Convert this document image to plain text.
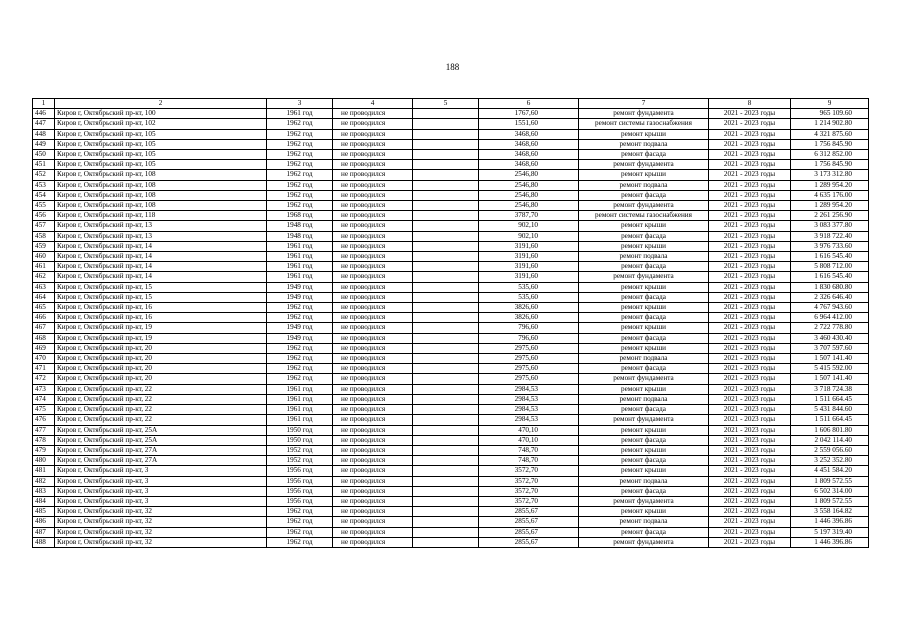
188
1	2	3	4	5	6	7	8	9
446	Киров г, Октябрьский пр-кт, 100	1961 год	не проводился		1767,60	ремонт фундамента	2021 - 2023 годы	965 109.60
447	Киров г, Октябрьский пр-кт, 102	1962 год	не проводился		1551,60	ремонт системы газоснабжения	2021 - 2023 годы	1 214 902.80
448	Киров г, Октябрьский пр-кт, 105	1962 год	не проводился		3468,60	ремонт крыши	2021 - 2023 годы	4 321 875.60
449	Киров г, Октябрьский пр-кт, 105	1962 год	не проводился		3468,60	ремонт подвала	2021 - 2023 годы	1 756 845.90
450	Киров г, Октябрьский пр-кт, 105	1962 год	не проводился		3468,60	ремонт фасада	2021 - 2023 годы	6 312 852.00
451	Киров г, Октябрьский пр-кт, 105	1962 год	не проводился		3468,60	ремонт фундамента	2021 - 2023 годы	1 756 845.90
452	Киров г, Октябрьский пр-кт, 108	1962 год	не проводился		2546,80	ремонт крыши	2021 - 2023 годы	3 173 312.80
453	Киров г, Октябрьский пр-кт, 108	1962 год	не проводился		2546,80	ремонт подвала	2021 - 2023 годы	1 289 954.20
454	Киров г, Октябрьский пр-кт, 108	1962 год	не проводился		2546,80	ремонт фасада	2021 - 2023 годы	4 635 176.00
455	Киров г, Октябрьский пр-кт, 108	1962 год	не проводился		2546,80	ремонт фундамента	2021 - 2023 годы	1 289 954.20
456	Киров г, Октябрьский пр-кт, 118	1968 год	не проводился		3787,70	ремонт системы газоснабжения	2021 - 2023 годы	2 261 256.90
457	Киров г, Октябрьский пр-кт, 13	1948 год	не проводился		902,10	ремонт крыши	2021 - 2023 годы	3 083 377.80
458	Киров г, Октябрьский пр-кт, 13	1948 год	не проводился		902,10	ремонт фасада	2021 - 2023 годы	3 918 722.40
459	Киров г, Октябрьский пр-кт, 14	1961 год	не проводился		3191,60	ремонт крыши	2021 - 2023 годы	3 976 733.60
460	Киров г, Октябрьский пр-кт, 14	1961 год	не проводился		3191,60	ремонт подвала	2021 - 2023 годы	1 616 545.40
461	Киров г, Октябрьский пр-кт, 14	1961 год	не проводился		3191,60	ремонт фасада	2021 - 2023 годы	5 808 712.00
462	Киров г, Октябрьский пр-кт, 14	1961 год	не проводился		3191,60	ремонт фундамента	2021 - 2023 годы	1 616 545.40
463	Киров г, Октябрьский пр-кт, 15	1949 год	не проводился		535,60	ремонт крыши	2021 - 2023 годы	1 830 680.80
464	Киров г, Октябрьский пр-кт, 15	1949 год	не проводился		535,60	ремонт фасада	2021 - 2023 годы	2 326 646.40
465	Киров г, Октябрьский пр-кт, 16	1962 год	не проводился		3826,60	ремонт крыши	2021 - 2023 годы	4 767 943.60
466	Киров г, Октябрьский пр-кт, 16	1962 год	не проводился		3826,60	ремонт фасада	2021 - 2023 годы	6 964 412.00
467	Киров г, Октябрьский пр-кт, 19	1949 год	не проводился		796,60	ремонт крыши	2021 - 2023 годы	2 722 778.80
468	Киров г, Октябрьский пр-кт, 19	1949 год	не проводился		796,60	ремонт фасада	2021 - 2023 годы	3 460 430.40
469	Киров г, Октябрьский пр-кт, 20	1962 год	не проводился		2975,60	ремонт крыши	2021 - 2023 годы	3 707 597.60
470	Киров г, Октябрьский пр-кт, 20	1962 год	не проводился		2975,60	ремонт подвала	2021 - 2023 годы	1 507 141.40
471	Киров г, Октябрьский пр-кт, 20	1962 год	не проводился		2975,60	ремонт фасада	2021 - 2023 годы	5 415 592.00
472	Киров г, Октябрьский пр-кт, 20	1962 год	не проводился		2975,60	ремонт фундамента	2021 - 2023 годы	1 507 141.40
473	Киров г, Октябрьский пр-кт, 22	1961 год	не проводился		2984,53	ремонт крыши	2021 - 2023 годы	3 718 724.38
474	Киров г, Октябрьский пр-кт, 22	1961 год	не проводился		2984,53	ремонт подвала	2021 - 2023 годы	1 511 664.45
475	Киров г, Октябрьский пр-кт, 22	1961 год	не проводился		2984,53	ремонт фасада	2021 - 2023 годы	5 431 844.60
476	Киров г, Октябрьский пр-кт, 22	1961 год	не проводился		2984,53	ремонт фундамента	2021 - 2023 годы	1 511 664.45
477	Киров г, Октябрьский пр-кт, 25А	1950 год	не проводился		470,10	ремонт крыши	2021 - 2023 годы	1 606 801.80
478	Киров г, Октябрьский пр-кт, 25А	1950 год	не проводился		470,10	ремонт фасада	2021 - 2023 годы	2 042 114.40
479	Киров г, Октябрьский пр-кт, 27А	1952 год	не проводился		748,70	ремонт крыши	2021 - 2023 годы	2 559 056.60
480	Киров г, Октябрьский пр-кт, 27А	1952 год	не проводился		748,70	ремонт фасада	2021 - 2023 годы	3 252 352.80
481	Киров г, Октябрьский пр-кт, 3	1956 год	не проводился		3572,70	ремонт крыши	2021 - 2023 годы	4 451 584.20
482	Киров г, Октябрьский пр-кт, 3	1956 год	не проводился		3572,70	ремонт подвала	2021 - 2023 годы	1 809 572.55
483	Киров г, Октябрьский пр-кт, 3	1956 год	не проводился		3572,70	ремонт фасада	2021 - 2023 годы	6 502 314.00
484	Киров г, Октябрьский пр-кт, 3	1956 год	не проводился		3572,70	ремонт фундамента	2021 - 2023 годы	1 809 572.55
485	Киров г, Октябрьский пр-кт, 32	1962 год	не проводился		2855,67	ремонт крыши	2021 - 2023 годы	3 558 164.82
486	Киров г, Октябрьский пр-кт, 32	1962 год	не проводился		2855,67	ремонт подвала	2021 - 2023 годы	1 446 396.86
487	Киров г, Октябрьский пр-кт, 32	1962 год	не проводился		2855,67	ремонт фасада	2021 - 2023 годы	5 197 319.40
488	Киров г, Октябрьский пр-кт, 32	1962 год	не проводился		2855,67	ремонт фундамента	2021 - 2023 годы	1 446 396.86
